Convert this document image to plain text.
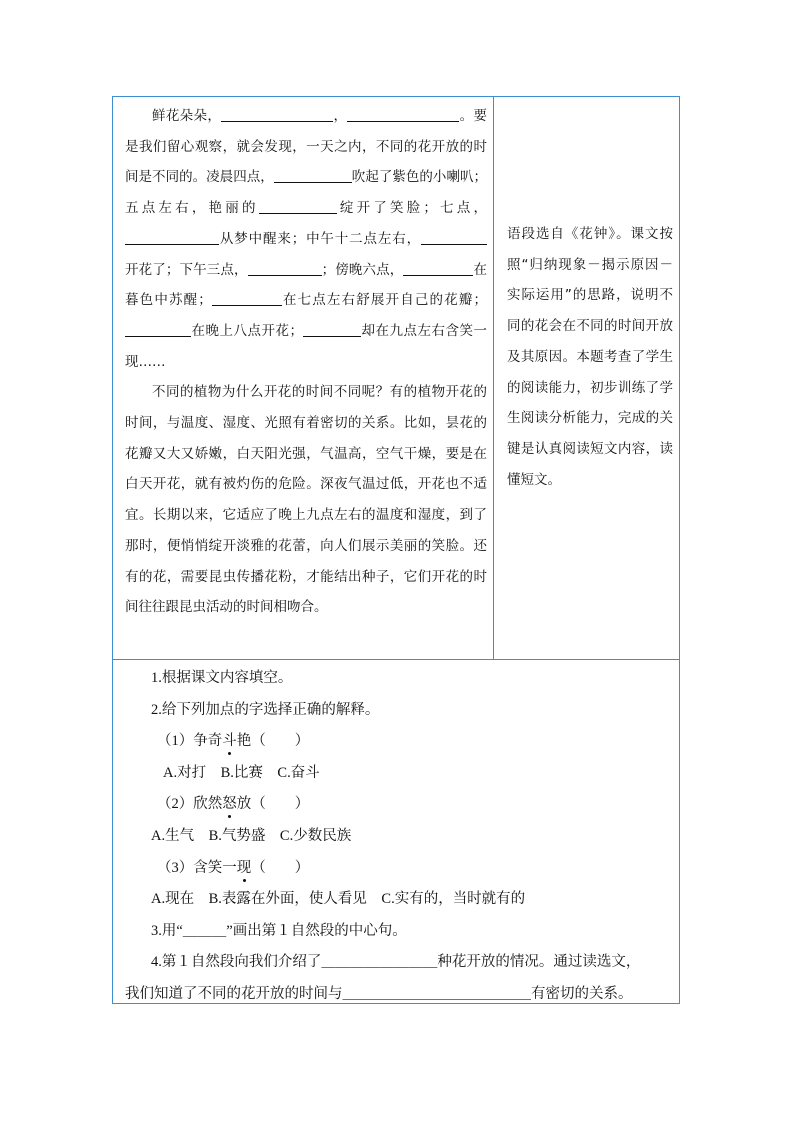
鲜花朵朵，	，	。要是我们留心观察，就会发现，一天之内，不同的花开放的时间是不同的。凌晨四点，	吹起了紫色的小喇叭；五点左右，艳丽的	绽开了笑脸；七点，从梦中醒来；中午十二点左右，开花了；下午三点，	；傍晚六点，	在暮色中苏醒；	在七点左右舒展开自己的花瓣；在晚上八点开花；	却在九点左右含笑一现……

不同的植物为什么开花的时间不同呢？有的植物开花的时间，与温度、湿度、光照有着密切的关系。比如，昙花的花瓣又大又娇嫩，白天阳光强，气温高，空气干燥，要是在白天开花，就有被灼伤的危险。深夜气温过低，开花也不适宜。长期以来，它适应了晚上九点左右的温度和湿度，到了那时，便悄悄绽开淡雅的花蕾，向人们展示美丽的笑脸。还有的花，需要昆虫传播花粉，才能结出种子，它们开花的时间往往跟昆虫活动的时间相吻合。

语段选自《花钟》。课文按照“归纳现象－揭示原因－实际运用”的思路，说明不同的花会在不同的时间开放及其原因。本题考查了学生的阅读能力，初步训练了学生阅读分析能力，完成的关键是认真阅读短文内容，读懂短文。
1.根据课文内容填空。
2.给下列加点的字选择正确的解释。
（1）争奇斗艳（　　）
A.对打　B.比赛　C.奋斗
（2）欣然怒放（　　）
A.生气　B.气势盛　C.少数民族
（3）含笑一现（　　）
A.现在　B.表露在外面，使人看见　C.实有的，当时就有的
3.用“＿＿＿”画出第１自然段的中心句。
4.第１自然段向我们介绍了＿＿＿＿＿＿＿＿种花开放的情况。通过读选文，
我们知道了不同的花开放的时间与＿＿＿＿＿＿＿＿＿＿＿＿＿有密切的关系。
